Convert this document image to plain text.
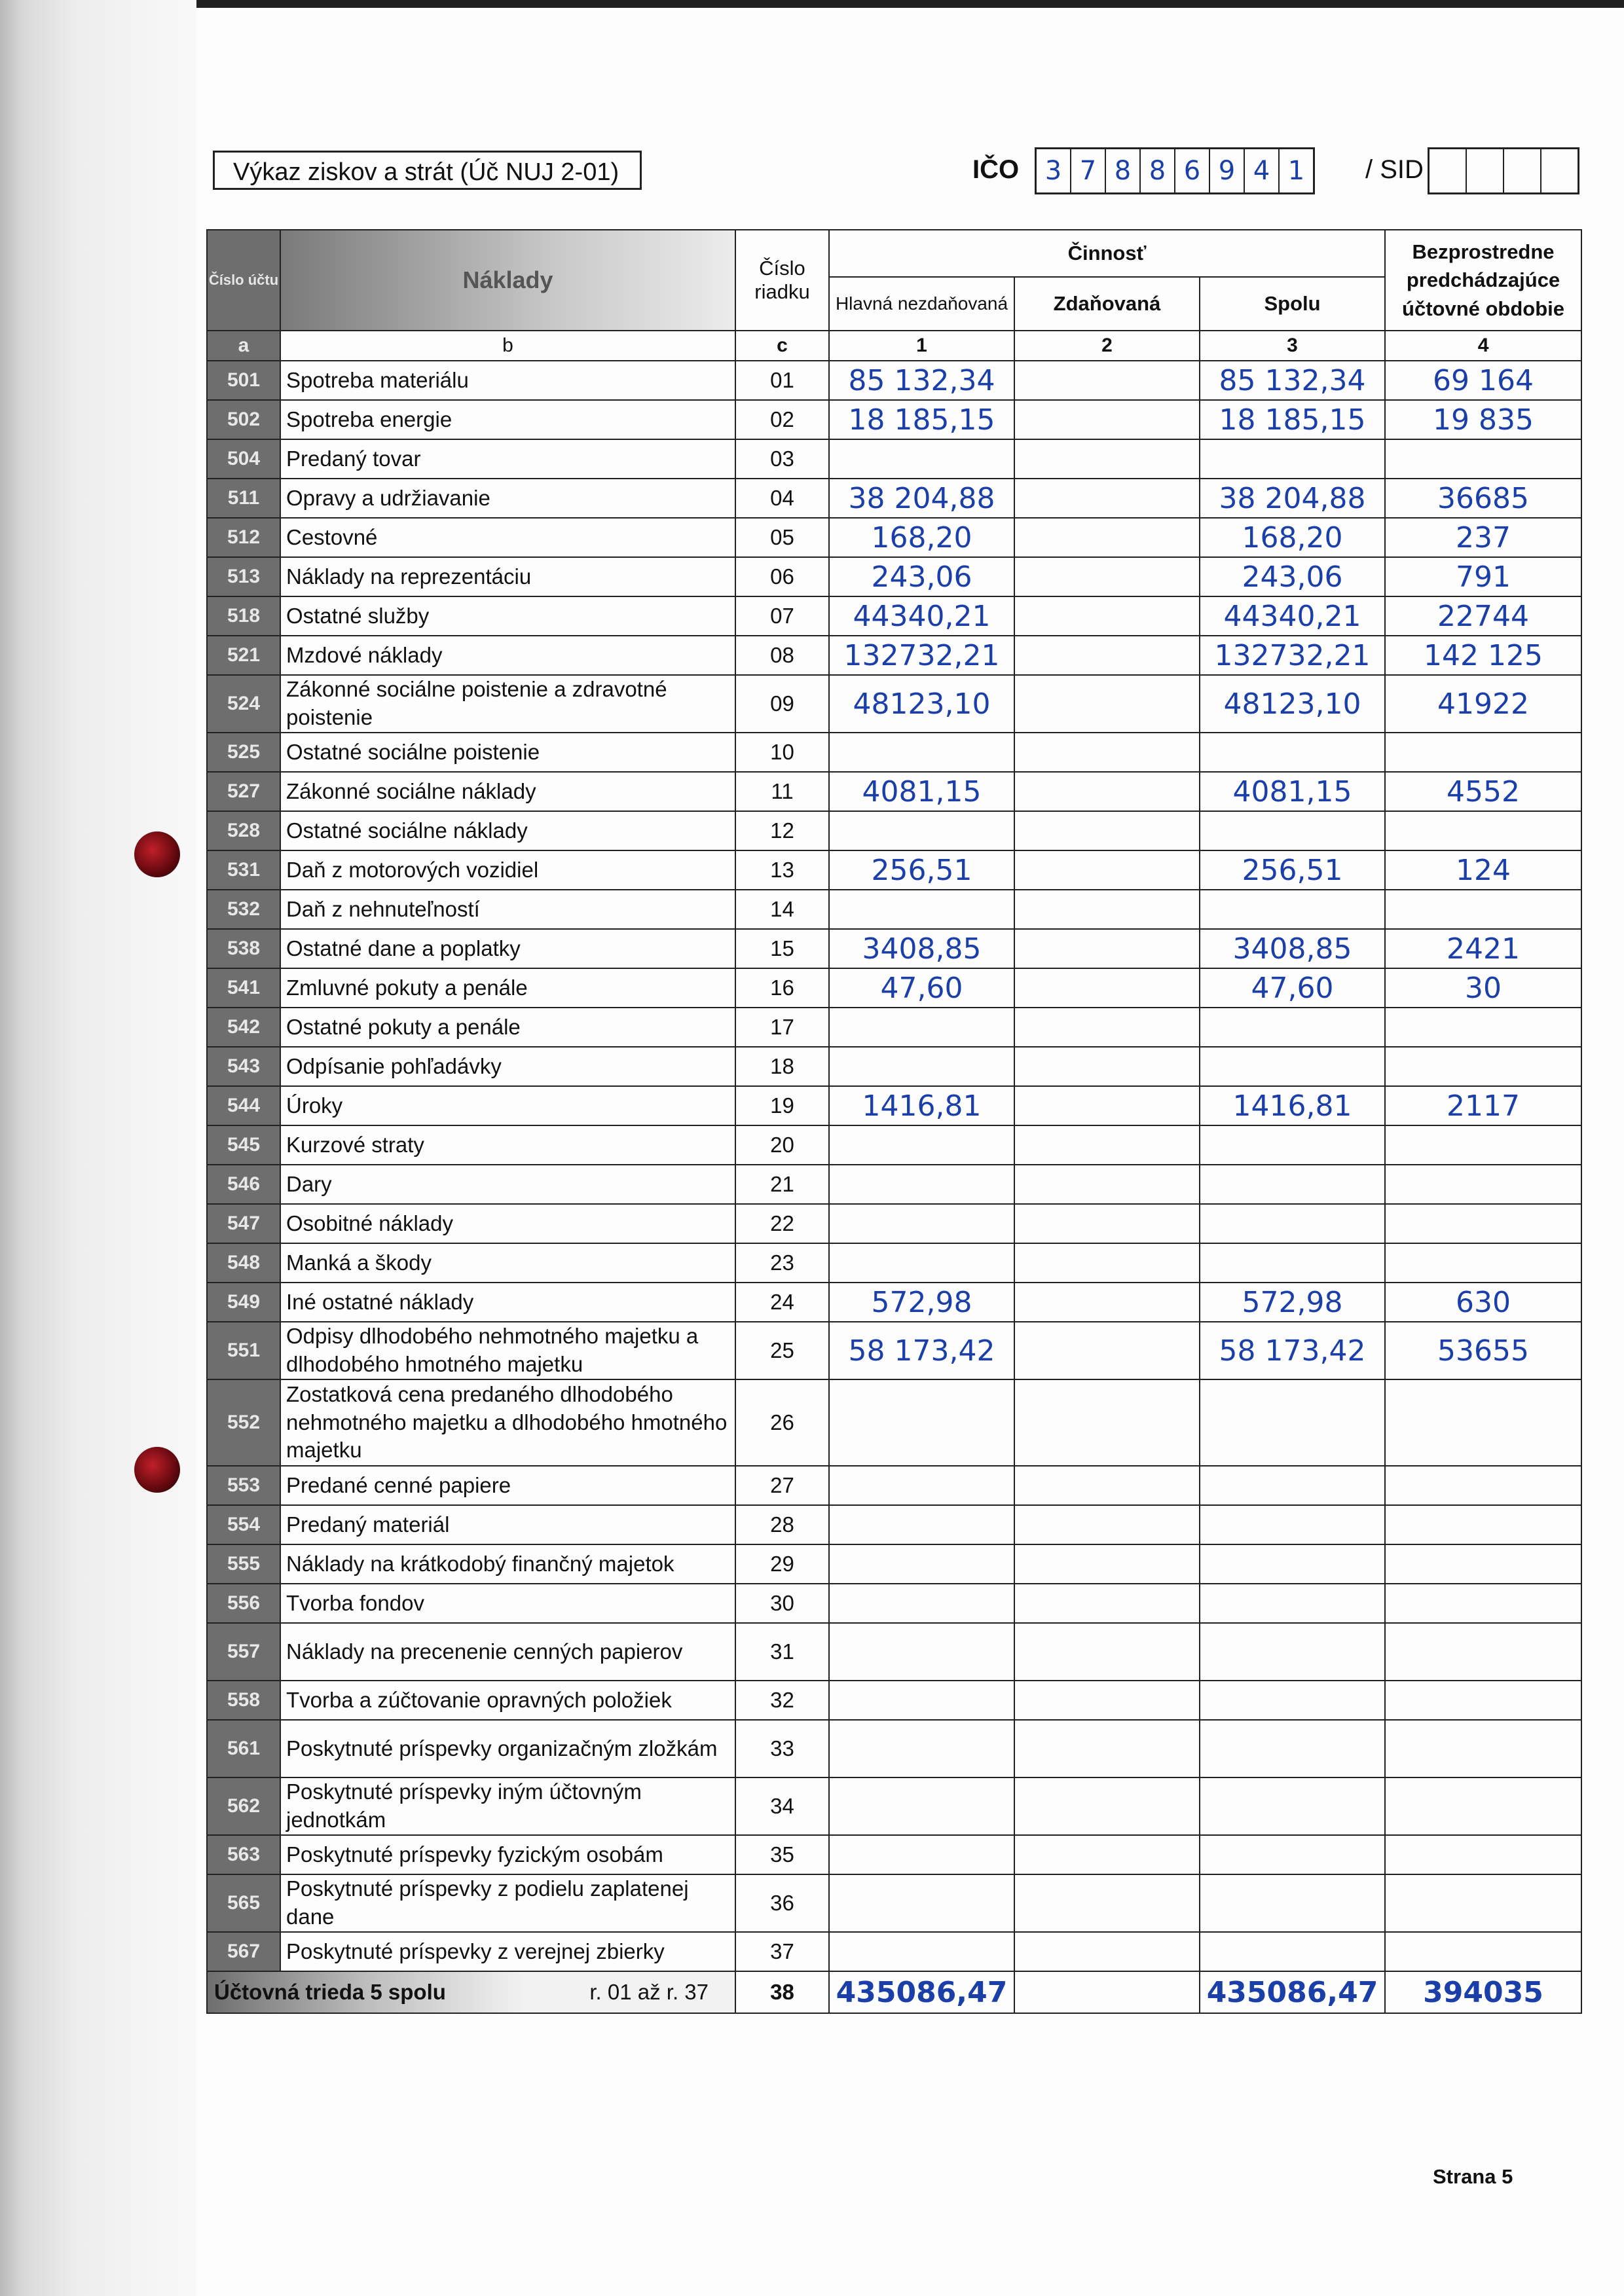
Výkaz ziskov a strát (Úč NUJ 2-01)	IČO 3 7 8 8 6 9 4 1	/ SID
Číslo účtu	Náklady	Číslo riadku	Činnosť			Bezprostredne predchádzajúce účtovné obdobie
			Hlavná nezdaňovaná	Zdaňovaná	Spolu	
a	b	c	1	2	3	4
501	Spotreba materiálu	01	85 132,34		85 132,34	69 164
502	Spotreba energie	02	18 185,15		18 185,15	19 835
504	Predaný tovar	03				
511	Opravy a udržiavanie	04	38 204,88		38 204,88	36685
512	Cestovné	05	168,20		168,20	237
513	Náklady na reprezentáciu	06	243,06		243,06	791
518	Ostatné služby	07	44340,21		44340,21	22744
521	Mzdové náklady	08	132732,21		132732,21	142 125
524	Zákonné sociálne poistenie a zdravotné poistenie	09	48123,10		48123,10	41922
525	Ostatné sociálne poistenie	10				
527	Zákonné sociálne náklady	11	4081,15		4081,15	4552
528	Ostatné sociálne náklady	12				
531	Daň z motorových vozidiel	13	256,51		256,51	124
532	Daň z nehnuteľností	14				
538	Ostatné dane a poplatky	15	3408,85		3408,85	2421
541	Zmluvné pokuty a penále	16	47,60		47,60	30
542	Ostatné pokuty a penále	17				
543	Odpísanie pohľadávky	18				
544	Úroky	19	1416,81		1416,81	2117
545	Kurzové straty	20				
546	Dary	21				
547	Osobitné náklady	22				
548	Manká a škody	23				
549	Iné ostatné náklady	24	572,98		572,98	630
551	Odpisy dlhodobého nehmotného majetku a dlhodobého hmotného majetku	25	58 173,42		58 173,42	53655
552	Zostatková cena predaného dlhodobého nehmotného majetku a dlhodobého hmotného majetku	26				
553	Predané cenné papiere	27				
554	Predaný materiál	28				
555	Náklady na krátkodobý finančný majetok	29				
556	Tvorba fondov	30				
557	Náklady na precenenie cenných papierov	31				
558	Tvorba a zúčtovanie opravných položiek	32				
561	Poskytnuté príspevky organizačným zložkám	33				
562	Poskytnuté príspevky iným účtovným jednotkám	34				
563	Poskytnuté príspevky fyzickým osobám	35				
565	Poskytnuté príspevky z podielu zaplatenej dane	36				
567	Poskytnuté príspevky z verejnej zbierky	37				
Účtovná trieda 5 spolu r. 01 až r. 37		38	435086,47		435086,47	394035
Strana 5
